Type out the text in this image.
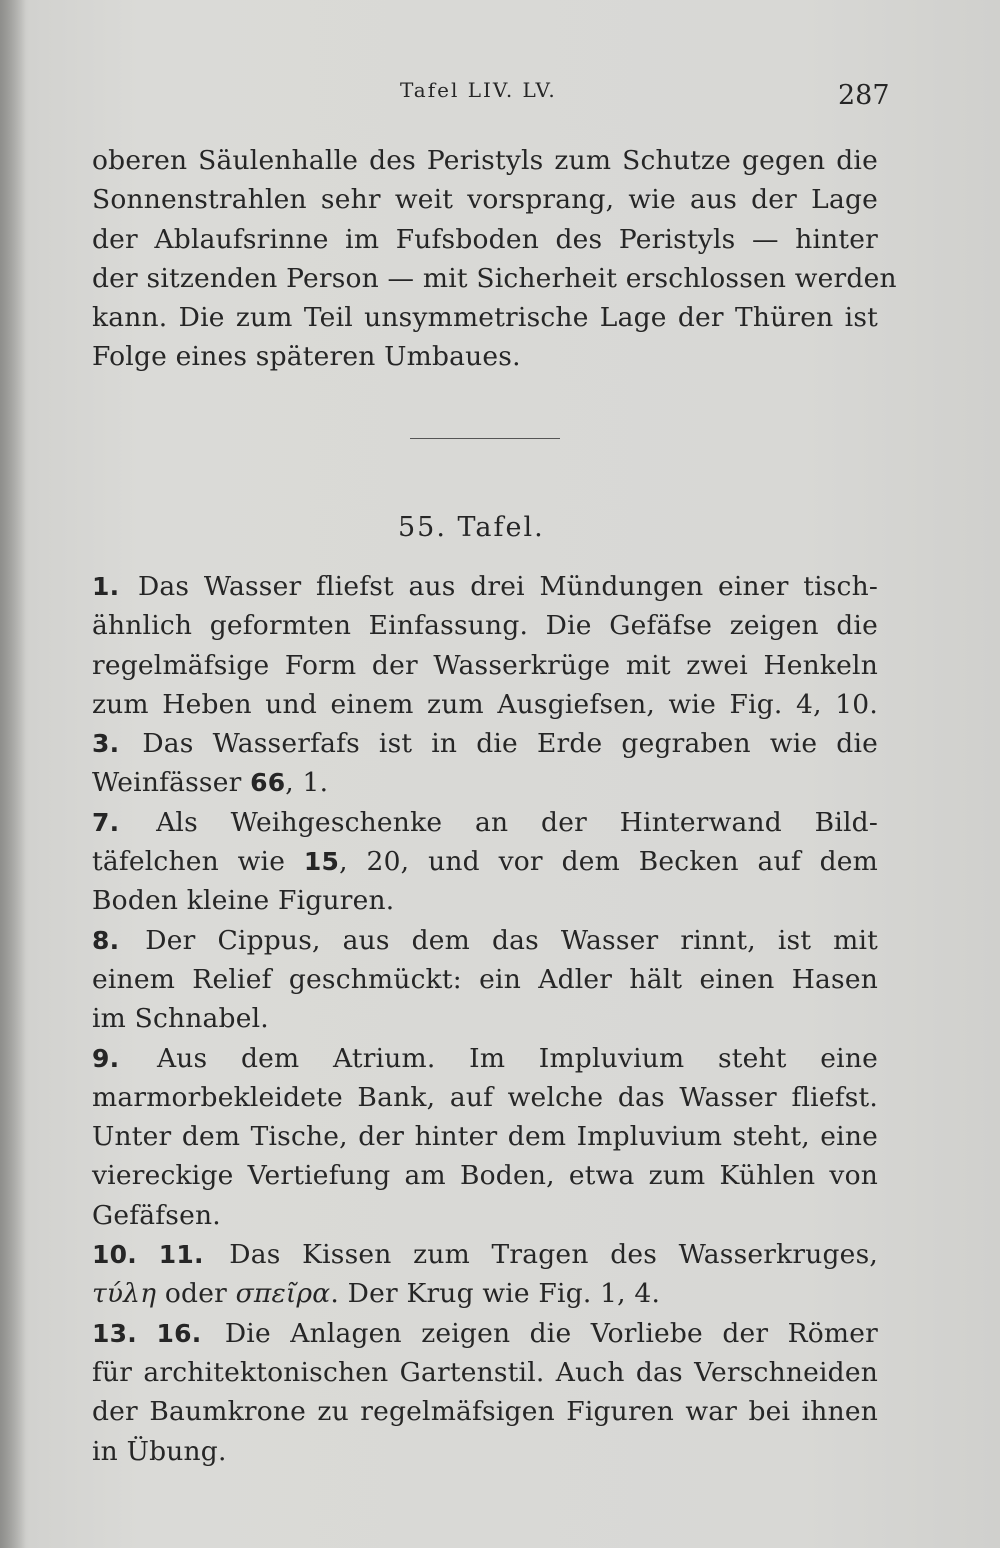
Tafel LIV. LV.	287
oberen Säulenhalle des Peristyls zum Schutze gegen die
Sonnenstrahlen sehr weit vorsprang, wie aus der Lage
der Ablaufsrinne im Fufsboden des Peristyls — hinter
der sitzenden Person — mit Sicherheit erschlossen werden
kann. Die zum Teil unsymmetrische Lage der Thüren ist
Folge eines späteren Umbaues.
55. Tafel.
1. Das Wasser fliefst aus drei Mündungen einer tisch-
ähnlich geformten Einfassung. Die Gefäfse zeigen die
regelmäfsige Form der Wasserkrüge mit zwei Henkeln
zum Heben und einem zum Ausgiefsen, wie Fig. 4, 10.
3. Das Wasserfafs ist in die Erde gegraben wie die
Weinfässer 66, 1.
7. Als Weihgeschenke an der Hinterwand Bild-
täfelchen wie 15, 20, und vor dem Becken auf dem
Boden kleine Figuren.
8. Der Cippus, aus dem das Wasser rinnt, ist mit
einem Relief geschmückt: ein Adler hält einen Hasen
im Schnabel.
9. Aus dem Atrium. Im Impluvium steht eine
marmorbekleidete Bank, auf welche das Wasser fliefst.
Unter dem Tische, der hinter dem Impluvium steht, eine
viereckige Vertiefung am Boden, etwa zum Kühlen von
Gefäfsen.
10. 11. Das Kissen zum Tragen des Wasserkruges,
τύλη oder σπεῖρα. Der Krug wie Fig. 1, 4.
13. 16. Die Anlagen zeigen die Vorliebe der Römer
für architektonischen Gartenstil. Auch das Verschneiden
der Baumkrone zu regelmäfsigen Figuren war bei ihnen
in Übung.
